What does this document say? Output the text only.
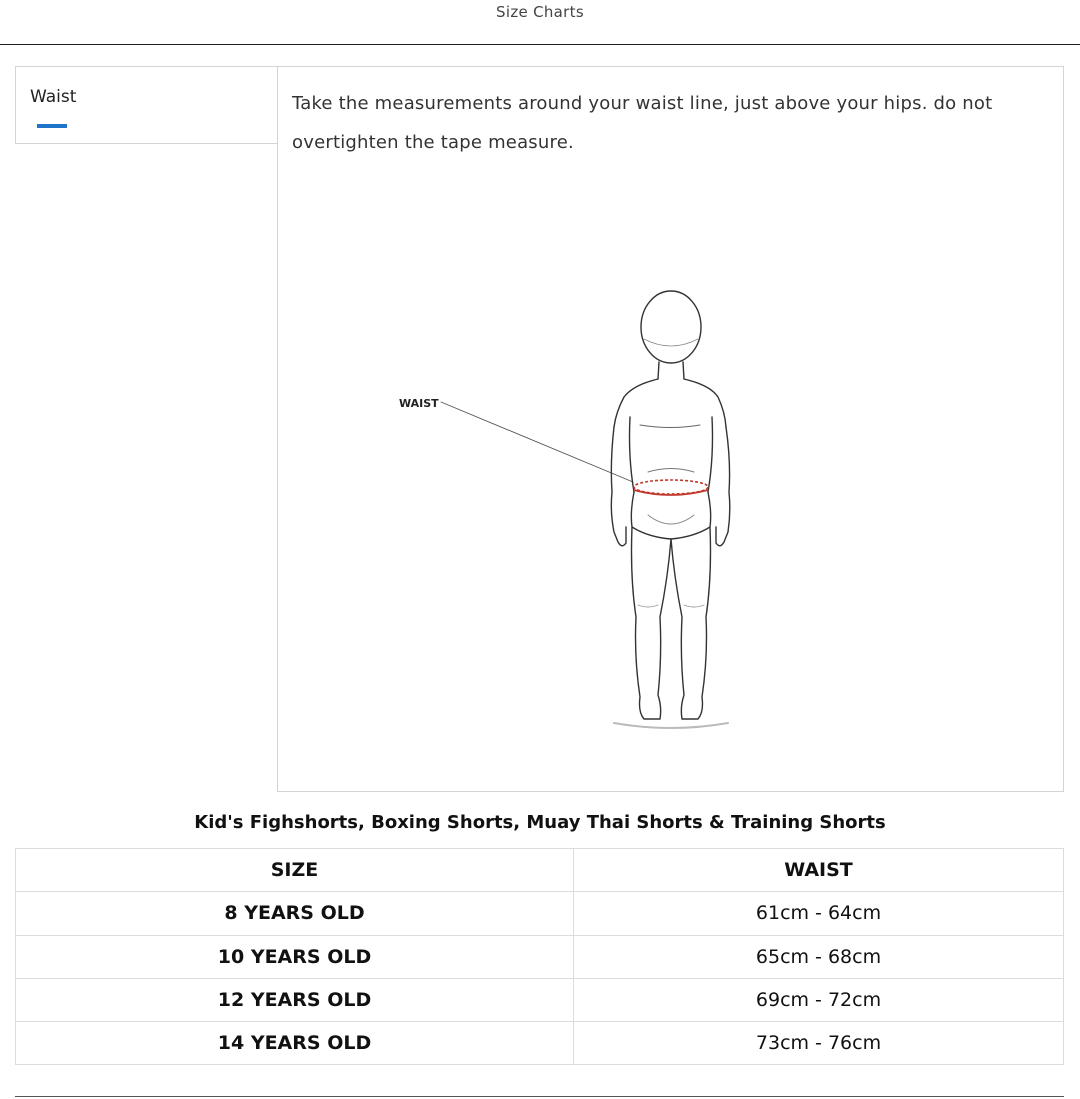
Size Charts
Waist	Take the measurements around your waist line, just above your hips. do not overtighten the tape measure.
WAIST
Kid's Fighshorts, Boxing Shorts, Muay Thai Shorts & Training Shorts
SIZE	WAIST
8 YEARS OLD	61cm - 64cm
10 YEARS OLD	65cm - 68cm
12 YEARS OLD	69cm - 72cm
14 YEARS OLD	73cm - 76cm
